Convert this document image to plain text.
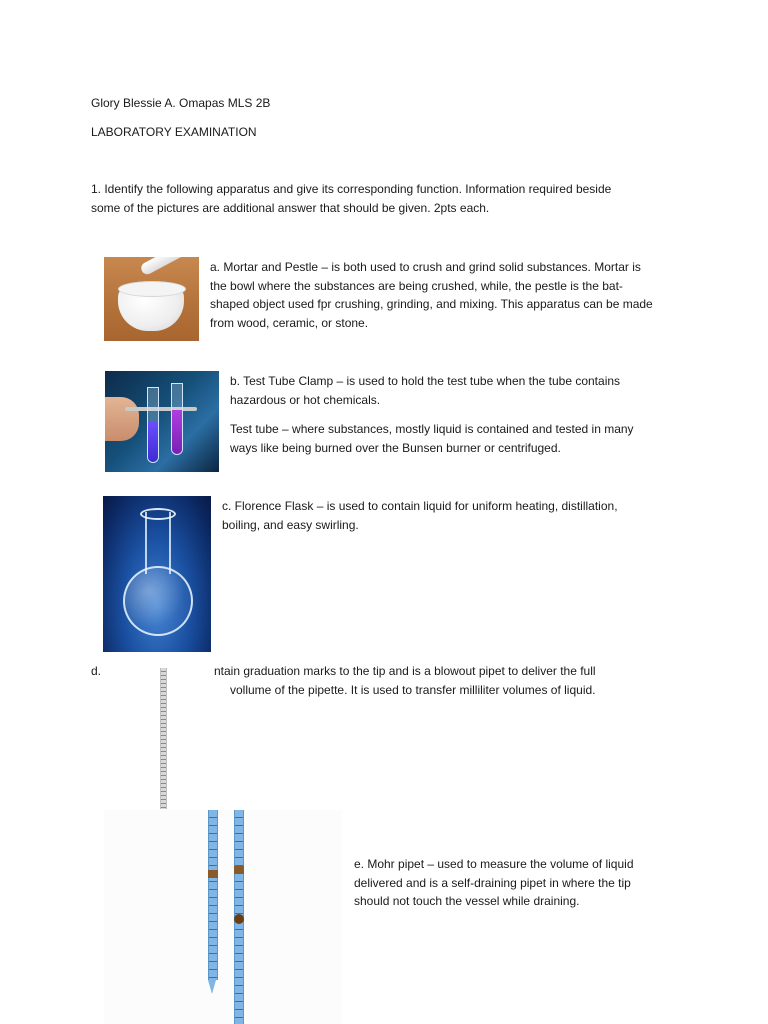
Glory Blessie A. Omapas MLS 2B

LABORATORY EXAMINATION

1. Identify the following apparatus and give its corresponding function. Information required beside

some of the pictures are additional answer that should be given. 2pts each.

a. Mortar and Pestle – is both used to crush and grind solid substances. Mortar is

the bowl where the substances are being crushed, while, the pestle is the bat-

shaped object used fpr crushing, grinding, and mixing. This apparatus can be made

from wood, ceramic, or stone.

b. Test Tube Clamp – is used to hold the test tube when the tube contains

hazardous or hot chemicals.

Test tube – where substances, mostly liquid is contained and tested in many

ways like being burned over the Bunsen burner or centrifuged.

c. Florence Flask – is used to contain liquid for uniform heating, distillation,

boiling, and easy swirling.

d.	ntain graduation marks to the tip and is a blowout pipet to deliver the full

vollume of the pipette. It is used to transfer milliliter volumes of liquid.

e. Mohr pipet – used to measure the volume of liquid

delivered and is a self-draining pipet in where the tip

should not touch the vessel while draining.
